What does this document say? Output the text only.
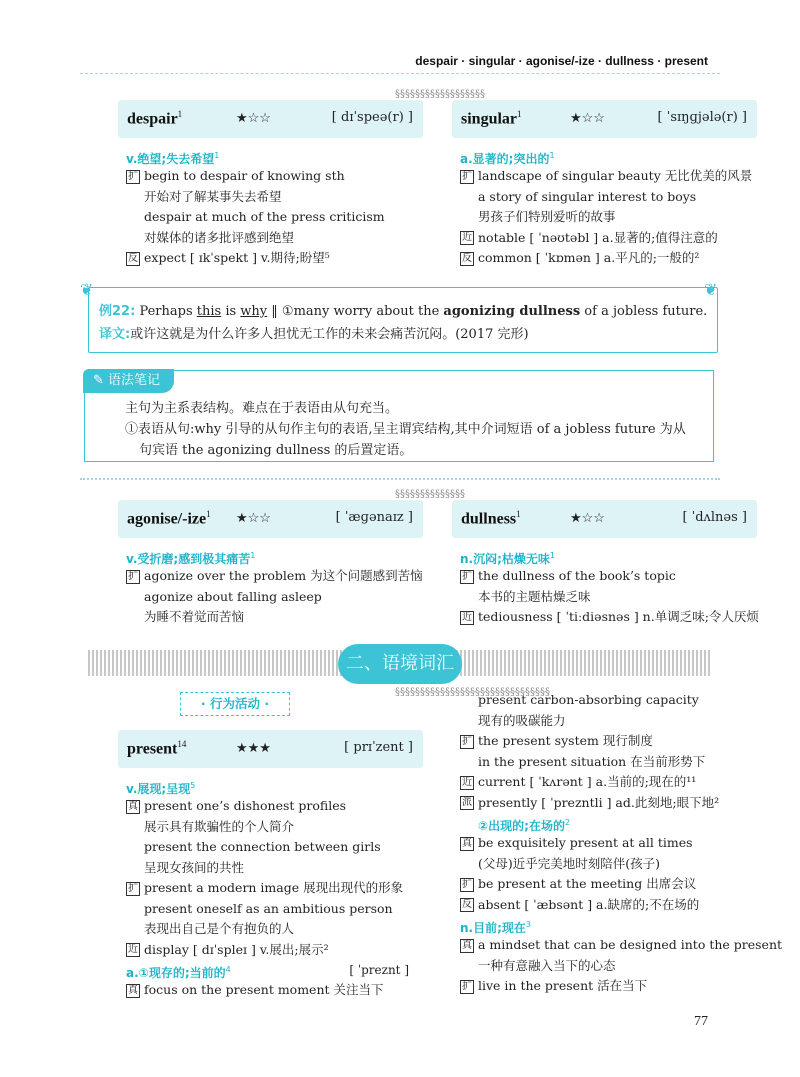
despair · singular · agonise/-ize · dullness · present
despair$^1$	★☆☆	[ dɪˈspeə(r) ]
v.绝望;失去希望$^1$
扩 begin to despair of knowing sth
开始对了解某事失去希望
despair at much of the press criticism
对媒体的诸多批评感到绝望
反 expect [ ɪkˈspekt ] v.期待;盼望⁵
singular$^1$	★☆☆	[ ˈsɪŋɡjələ(r) ]
a.显著的;突出的$^1$
扩 landscape of singular beauty 无比优美的风景
a story of singular interest to boys
男孩子们特别爱听的故事
近 notable [ ˈnəʊtəbl ] a.显著的;值得注意的
反 common [ ˈkɒmən ] a.平凡的;一般的²
§§§§§§§§§§§§§§§§§§
例22: Perhaps this is why ‖ ①many worry about the agonizing dullness of a jobless future.
译文:或许这就是为什么许多人担忧无工作的未来会痛苦沉闷。(2017 完形)
❦	❦
✎ 语法笔记
主句为主系表结构。难点在于表语由从句充当。
①表语从句:why 引导的从句作主句的表语,呈主谓宾结构,其中介词短语 of a jobless future 为从
句宾语 the agonizing dullness 的后置定语。
agonise/-ize$^1$ ★☆☆	[ ˈæɡənaɪz ]
v.受折磨;感到极其痛苦$^1$
扩 agonize over the problem 为这个问题感到苦恼
agonize about falling asleep
为睡不着觉而苦恼
dullness$^1$	★☆☆	[ ˈdʌlnəs ]
n.沉闷;枯燥无味$^1$
扩 the dullness of the book’s topic
本书的主题枯燥乏味
近 tediousness [ ˈtiːdiəsnəs ] n.单调乏味;令人厌烦
§§§§§§§§§§§§§§
二、语境词汇
· 行为活动 ·
present$^{14}$	★★★	[ prɪˈzent ]
v.展现;呈现$^5$
真 present one’s dishonest profiles
展示具有欺骗性的个人简介
present the connection between girls
呈现女孩间的共性
扩 present a modern image 展现出现代的形象
present oneself as an ambitious person
表现出自己是个有抱负的人
近 display [ dɪˈspleɪ ] v.展出;展示²
a.①现存的;当前的$^4$	[ ˈpreznt ]
真 focus on the present moment 关注当下
present carbon-absorbing capacity
现有的吸碳能力
扩 the present system 现行制度
in the present situation 在当前形势下
近 current [ ˈkʌrənt ] a.当前的;现在的¹¹
派 presently [ ˈprezntli ] ad.此刻地;眼下地²
②出现的;在场的$^2$
真 be exquisitely present at all times
(父母)近乎完美地时刻陪伴(孩子)
扩 be present at the meeting 出席会议
反 absent [ ˈæbsənt ] a.缺席的;不在场的
n.目前;现在$^3$
真 a mindset that can be designed into the present
一种有意融入当下的心态
扩 live in the present 活在当下
§§§§§§§§§§§§§§§§§§§§§§§§§§§§§§§
77
